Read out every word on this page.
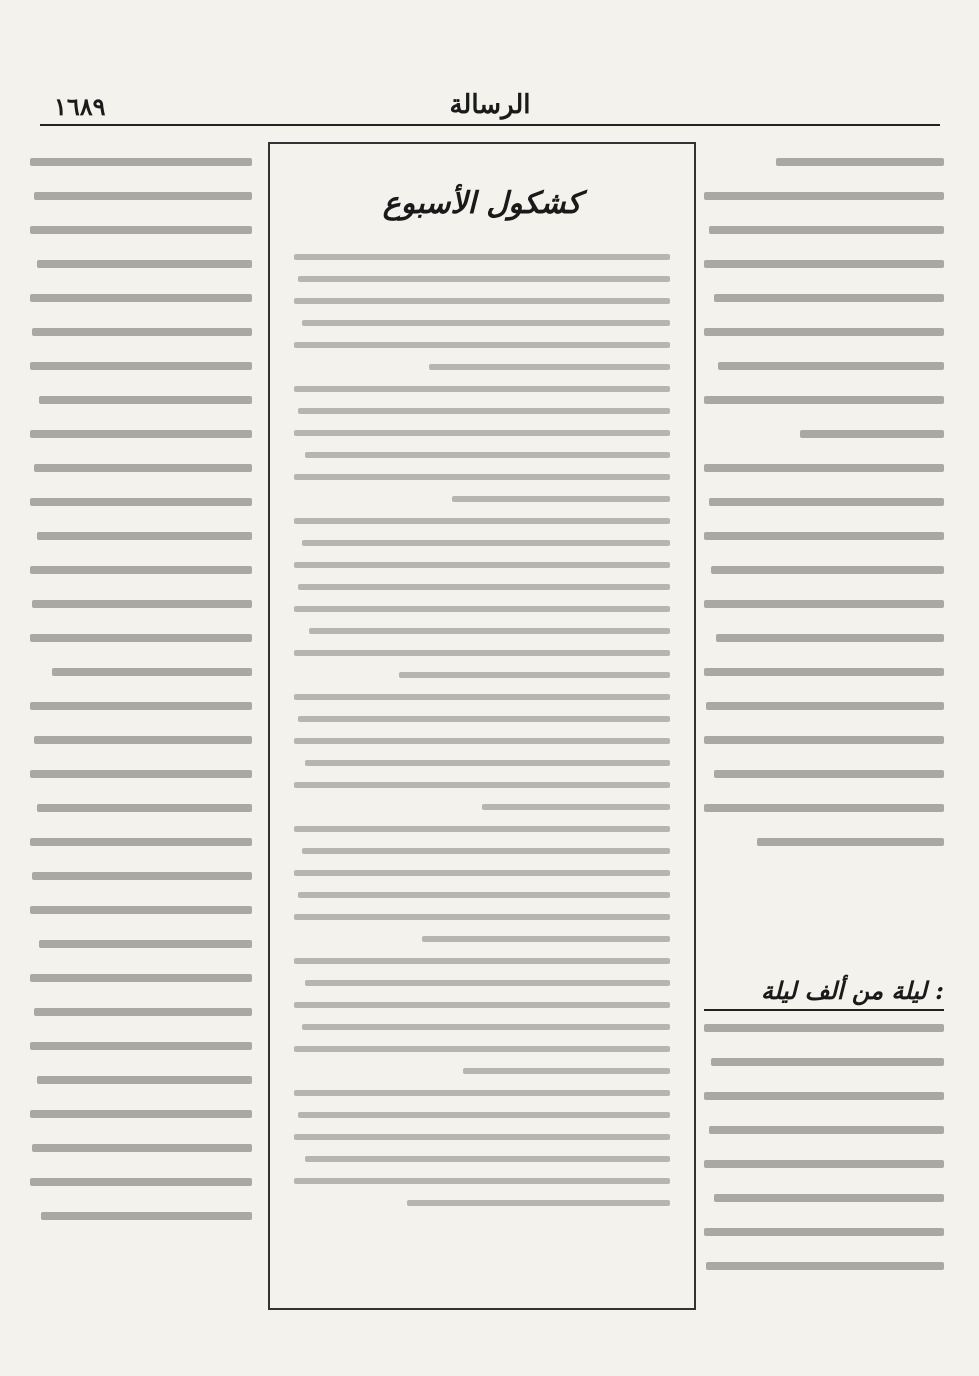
١٦٨٩	الرسالة
ليلة من ألف ليلة :
كشكول الأسبوع
